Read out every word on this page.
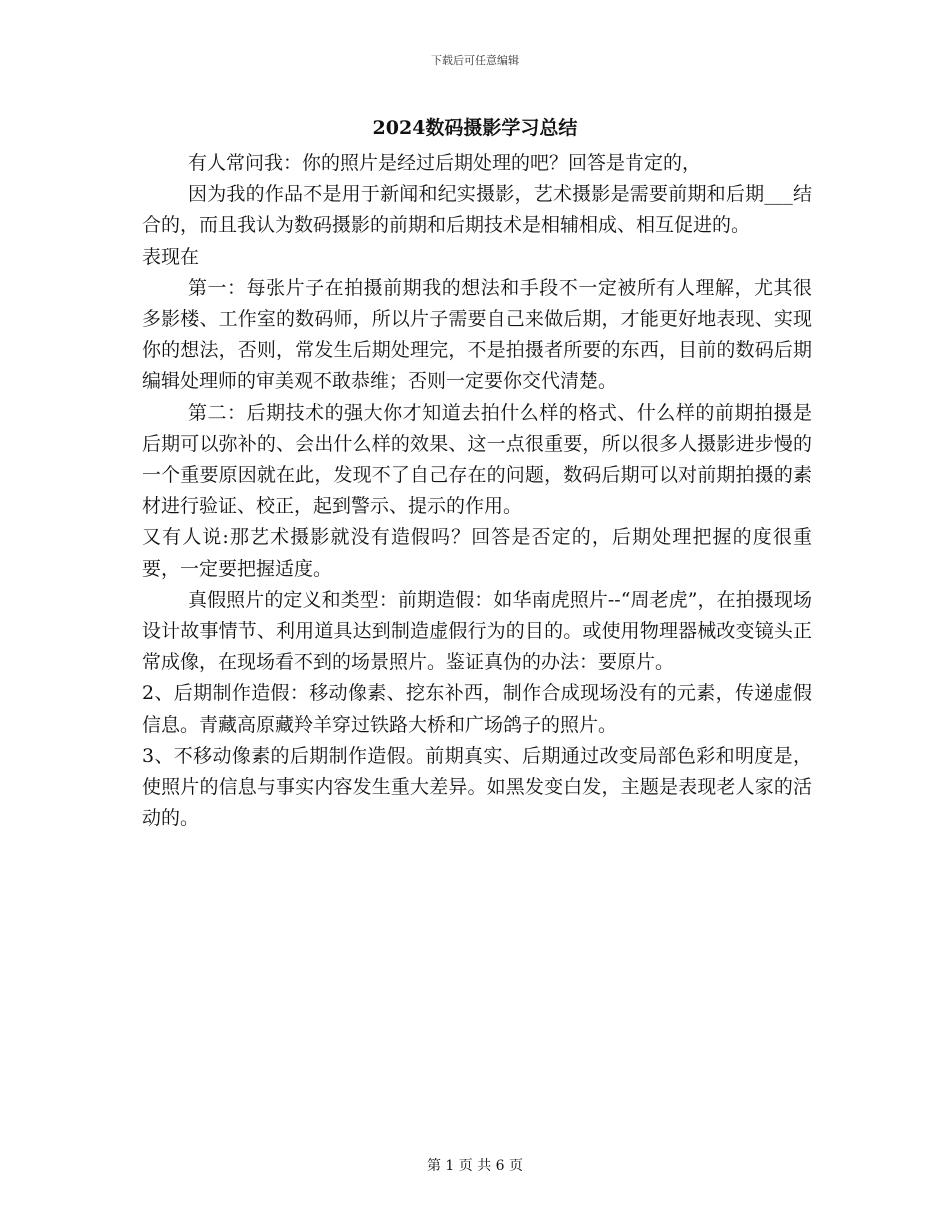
下载后可任意编辑
2024数码摄影学习总结

有人常问我：你的照片是经过后期处理的吧？回答是肯定的，

因为我的作品不是用于新闻和纪实摄影，艺术摄影是需要前期和后期___结合的，而且我认为数码摄影的前期和后期技术是相辅相成、相互促进的。

表现在

第一：每张片子在拍摄前期我的想法和手段不一定被所有人理解，尤其很多影楼、工作室的数码师，所以片子需要自己来做后期，才能更好地表现、实现你的想法，否则，常发生后期处理完，不是拍摄者所要的东西，目前的数码后期编辑处理师的审美观不敢恭维；否则一定要你交代清楚。

第二：后期技术的强大你才知道去拍什么样的格式、什么样的前期拍摄是后期可以弥补的、会出什么样的效果、这一点很重要，所以很多人摄影进步慢的一个重要原因就在此，发现不了自己存在的问题，数码后期可以对前期拍摄的素材进行验证、校正，起到警示、提示的作用。

又有人说:那艺术摄影就没有造假吗？回答是否定的，后期处理把握的度很重要，一定要把握适度。

真假照片的定义和类型：前期造假：如华南虎照片--“周老虎”，在拍摄现场设计故事情节、利用道具达到制造虚假行为的目的。或使用物理器械改变镜头正常成像，在现场看不到的场景照片。鉴证真伪的办法：要原片。

2、后期制作造假：移动像素、挖东补西，制作合成现场没有的元素，传递虚假信息。青藏高原藏羚羊穿过铁路大桥和广场鸽子的照片。

3、不移动像素的后期制作造假。前期真实、后期通过改变局部色彩和明度是，使照片的信息与事实内容发生重大差异。如黑发变白发，主题是表现老人家的活动的。

第 1 页 共 6 页
